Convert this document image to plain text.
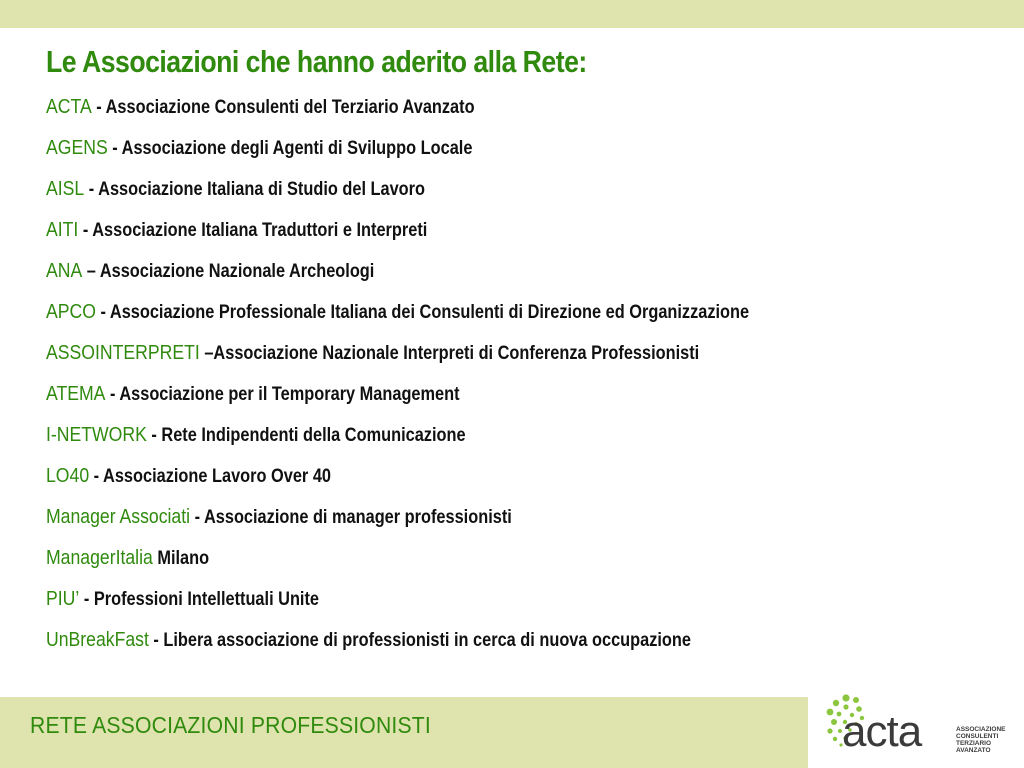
Le Associazioni che hanno aderito alla Rete:
ACTA - Associazione Consulenti del Terziario Avanzato
AGENS - Associazione degli Agenti di Sviluppo Locale
AISL - Associazione Italiana di Studio del Lavoro
AITI - Associazione Italiana Traduttori e Interpreti
ANA – Associazione Nazionale Archeologi
APCO - Associazione Professionale Italiana dei Consulenti di Direzione ed Organizzazione
ASSOINTERPRETI –Associazione Nazionale Interpreti di Conferenza Professionisti
ATEMA - Associazione per il Temporary Management
I-NETWORK - Rete Indipendenti della Comunicazione
LO40 - Associazione Lavoro Over 40
Manager Associati - Associazione di manager professionisti
ManagerItalia Milano
PIU’ - Professioni Intellettuali Unite
UnBreakFast - Libera associazione di professionisti in cerca di nuova occupazione
RETE ASSOCIAZIONI PROFESSIONISTI	acta	ASSOCIAZIONE
CONSULENTI
TERZIARIO
AVANZATO
